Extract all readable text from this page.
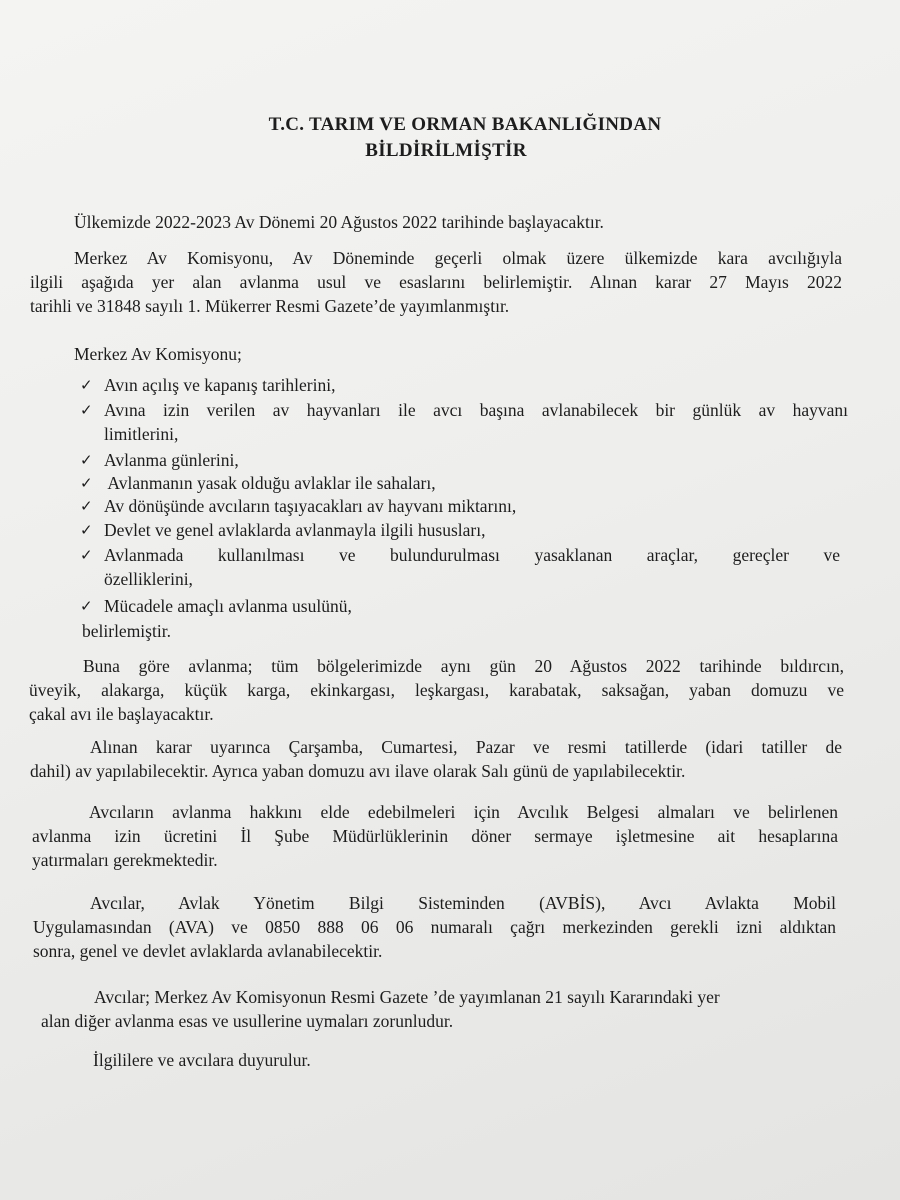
T.C. TARIM VE ORMAN BAKANLIĞINDAN
BİLDİRİLMİŞTİR
Ülkemizde 2022-2023 Av Dönemi 20 Ağustos 2022 tarihinde başlayacaktır.
Merkez Av Komisyonu, Av Döneminde geçerli olmak üzere ülkemizde kara avcılığıyla
ilgili aşağıda yer alan avlanma usul ve esaslarını belirlemiştir. Alınan karar 27 Mayıs 2022
tarihli ve 31848 sayılı 1. Mükerrer Resmi Gazete’de yayımlanmıştır.
Merkez Av Komisyonu;
✓ Avın açılış ve kapanış tarihlerini,
✓ Avına izin verilen av hayvanları ile avcı başına avlanabilecek bir günlük av hayvanı
limitlerini,
✓ Avlanma günlerini,
✓ Avlanmanın yasak olduğu avlaklar ile sahaları,
✓ Av dönüşünde avcıların taşıyacakları av hayvanı miktarını,
✓ Devlet ve genel avlaklarda avlanmayla ilgili hususları,
✓ Avlanmada kullanılması ve bulundurulması yasaklanan araçlar, gereçler ve
özelliklerini,
✓ Mücadele amaçlı avlanma usulünü,
belirlemiştir.
Buna göre avlanma; tüm bölgelerimizde aynı gün 20 Ağustos 2022 tarihinde bıldırcın,
üveyik, alakarga, küçük karga, ekinkargası, leşkargası, karabatak, saksağan, yaban domuzu ve
çakal avı ile başlayacaktır.
Alınan karar uyarınca Çarşamba, Cumartesi, Pazar ve resmi tatillerde (idari tatiller de
dahil) av yapılabilecektir. Ayrıca yaban domuzu avı ilave olarak Salı günü de yapılabilecektir.
Avcıların avlanma hakkını elde edebilmeleri için Avcılık Belgesi almaları ve belirlenen
avlanma izin ücretini İl Şube Müdürlüklerinin döner sermaye işletmesine ait hesaplarına
yatırmaları gerekmektedir.
Avcılar, Avlak Yönetim Bilgi Sisteminden (AVBİS), Avcı Avlakta Mobil
Uygulamasından (AVA) ve 0850 888 06 06 numaralı çağrı merkezinden gerekli izni aldıktan
sonra, genel ve devlet avlaklarda avlanabilecektir.
Avcılar; Merkez Av Komisyonun Resmi Gazete ’de yayımlanan 21 sayılı Kararındaki yer
alan diğer avlanma esas ve usullerine uymaları zorunludur.
İlgililere ve avcılara duyurulur.
